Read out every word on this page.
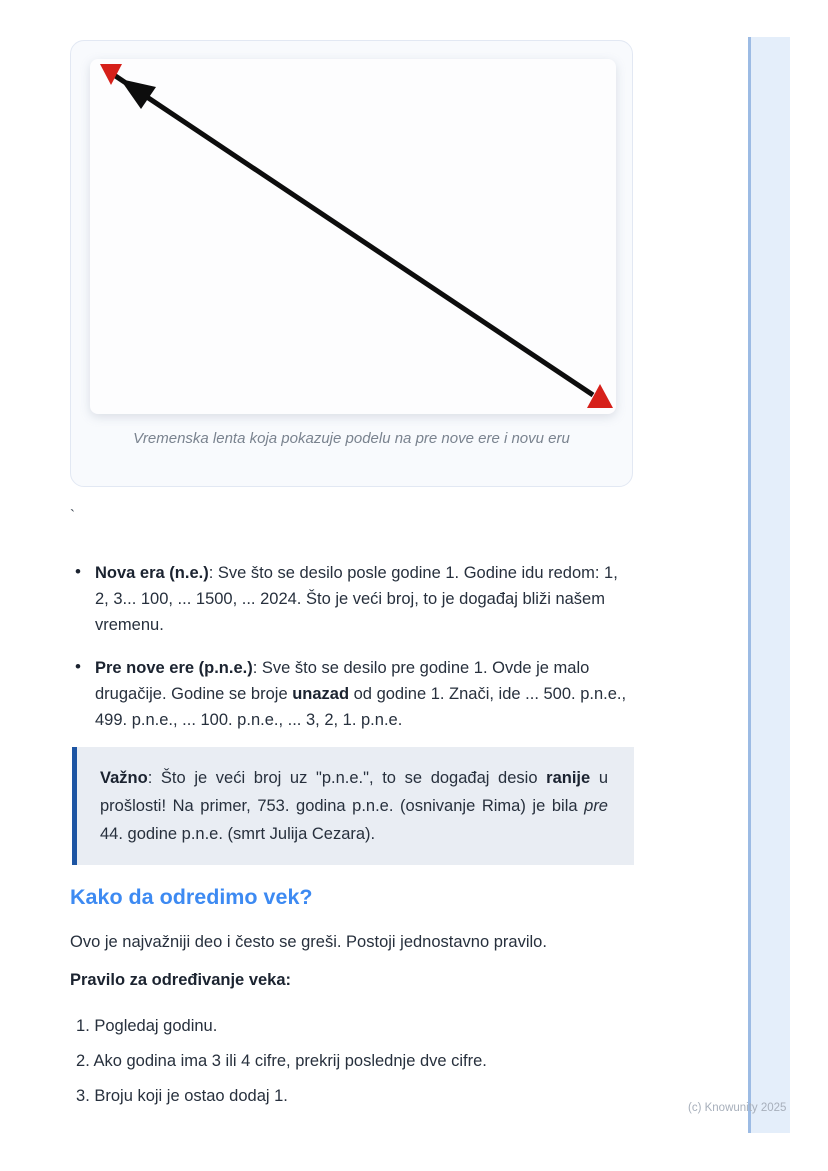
Vremenska lenta koja pokazuje podelu na pre nove ere i novu eru
`
• Nova era (n.e.): Sve što se desilo posle godine 1. Godine idu redom: 1, 2, 3... 100, ... 1500, ... 2024. Što je veći broj, to je događaj bliži našem vremenu.
• Pre nove ere (p.n.e.): Sve što se desilo pre godine 1. Ovde je malo drugačije. Godine se broje unazad od godine 1. Znači, ide ... 500. p.n.e., 499. p.n.e., ... 100. p.n.e., ... 3, 2, 1. p.n.e.
Važno: Što je veći broj uz "p.n.e.", to se događaj desio ranije u prošlosti! Na primer, 753. godina p.n.e. (osnivanje Rima) je bila pre 44. godine p.n.e. (smrt Julija Cezara).
Kako da odredimo vek?

Ovo je najvažniji deo i često se greši. Postoji jednostavno pravilo.

Pravilo za određivanje veka:

Pogledaj godinu.
Ako godina ima 3 ili 4 cifre, prekrij poslednje dve cifre.
Broju koji je ostao dodaj 1.
(c) Knowunity 2025
